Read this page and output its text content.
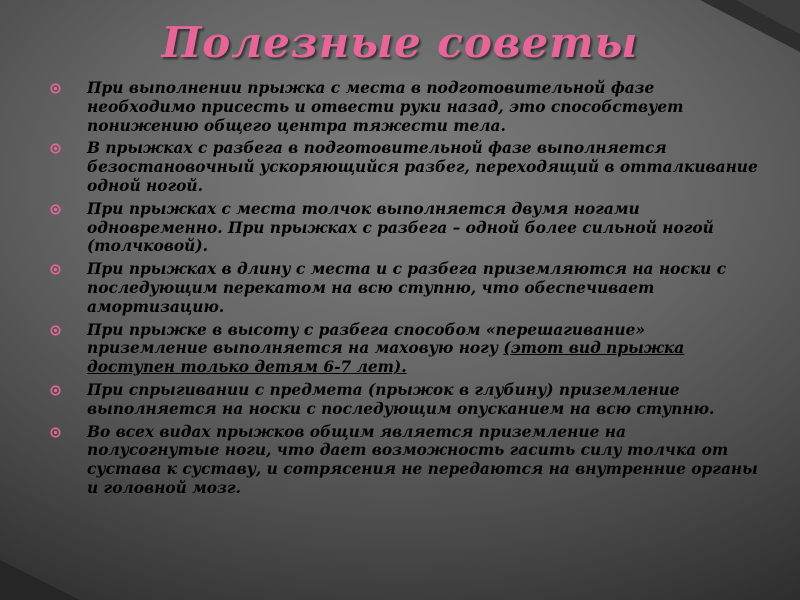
Полезные советы
При выполнении прыжка с места в подготовительной фазе необходимо присесть и отвести руки назад, это способствует понижению общего центра тяжести тела.
В прыжках с разбега в подготовительной фазе выполняется безостановочный ускоряющийся разбег, переходящий в отталкивание одной ногой.
При прыжках с места толчок выполняется двумя ногами одновременно. При прыжках с разбега – одной более сильной ногой (толчковой).
При прыжках в длину с места и с разбега приземляются на носки с последующим перекатом на всю ступню, что обеспечивает амортизацию.
При прыжке в высоту с разбега способом «перешагивание» приземление выполняется на маховую ногу (этот вид прыжка доступен только детям 6-7 лет).
При спрыгивании с предмета (прыжок в глубину) приземление выполняется на носки с последующим опусканием на всю ступню.
Во всех видах прыжков общим является приземление на полусогнутые ноги, что дает возможность гасить силу толчка от сустава к суставу, и сотрясения не передаются на внутренние органы и головной мозг.
